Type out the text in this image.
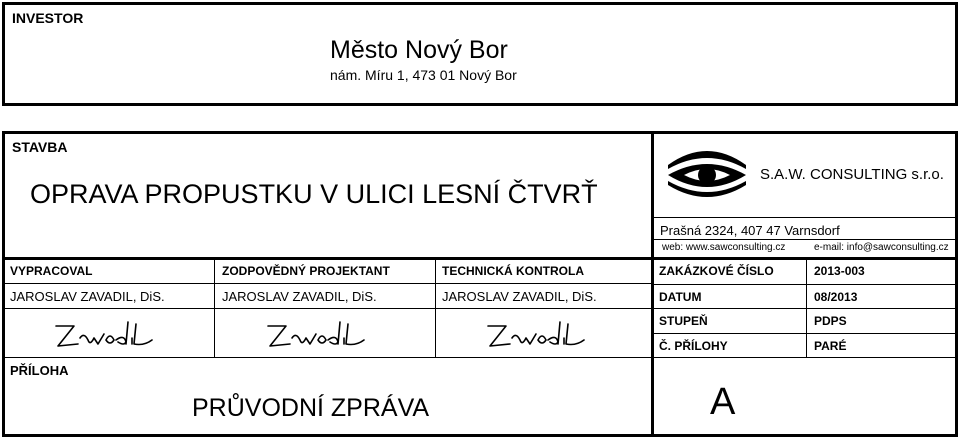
INVESTOR
Město Nový Bor
nám. Míru 1, 473 01 Nový Bor
STAVBA
OPRAVA PROPUSTKU V ULICI LESNÍ ČTVRŤ
S.A.W. CONSULTING s.r.o.
Prašná 2324, 407 47 Varnsdorf
web: www.sawconsulting.cz	e-mail: info@sawconsulting.cz
VYPRACOVAL	ZODPOVĚDNÝ PROJEKTANT	TECHNICKÁ KONTROLA
JAROSLAV ZAVADIL, DiS.	JAROSLAV ZAVADIL, DiS.	JAROSLAV ZAVADIL, DiS.
PŘÍLOHA
PRŮVODNÍ ZPRÁVA
ZAKÁZKOVÉ ČÍSLO	2013-003
DATUM	08/2013
STUPEŇ	PDPS
Č. PŘÍLOHY	PARÉ
A
